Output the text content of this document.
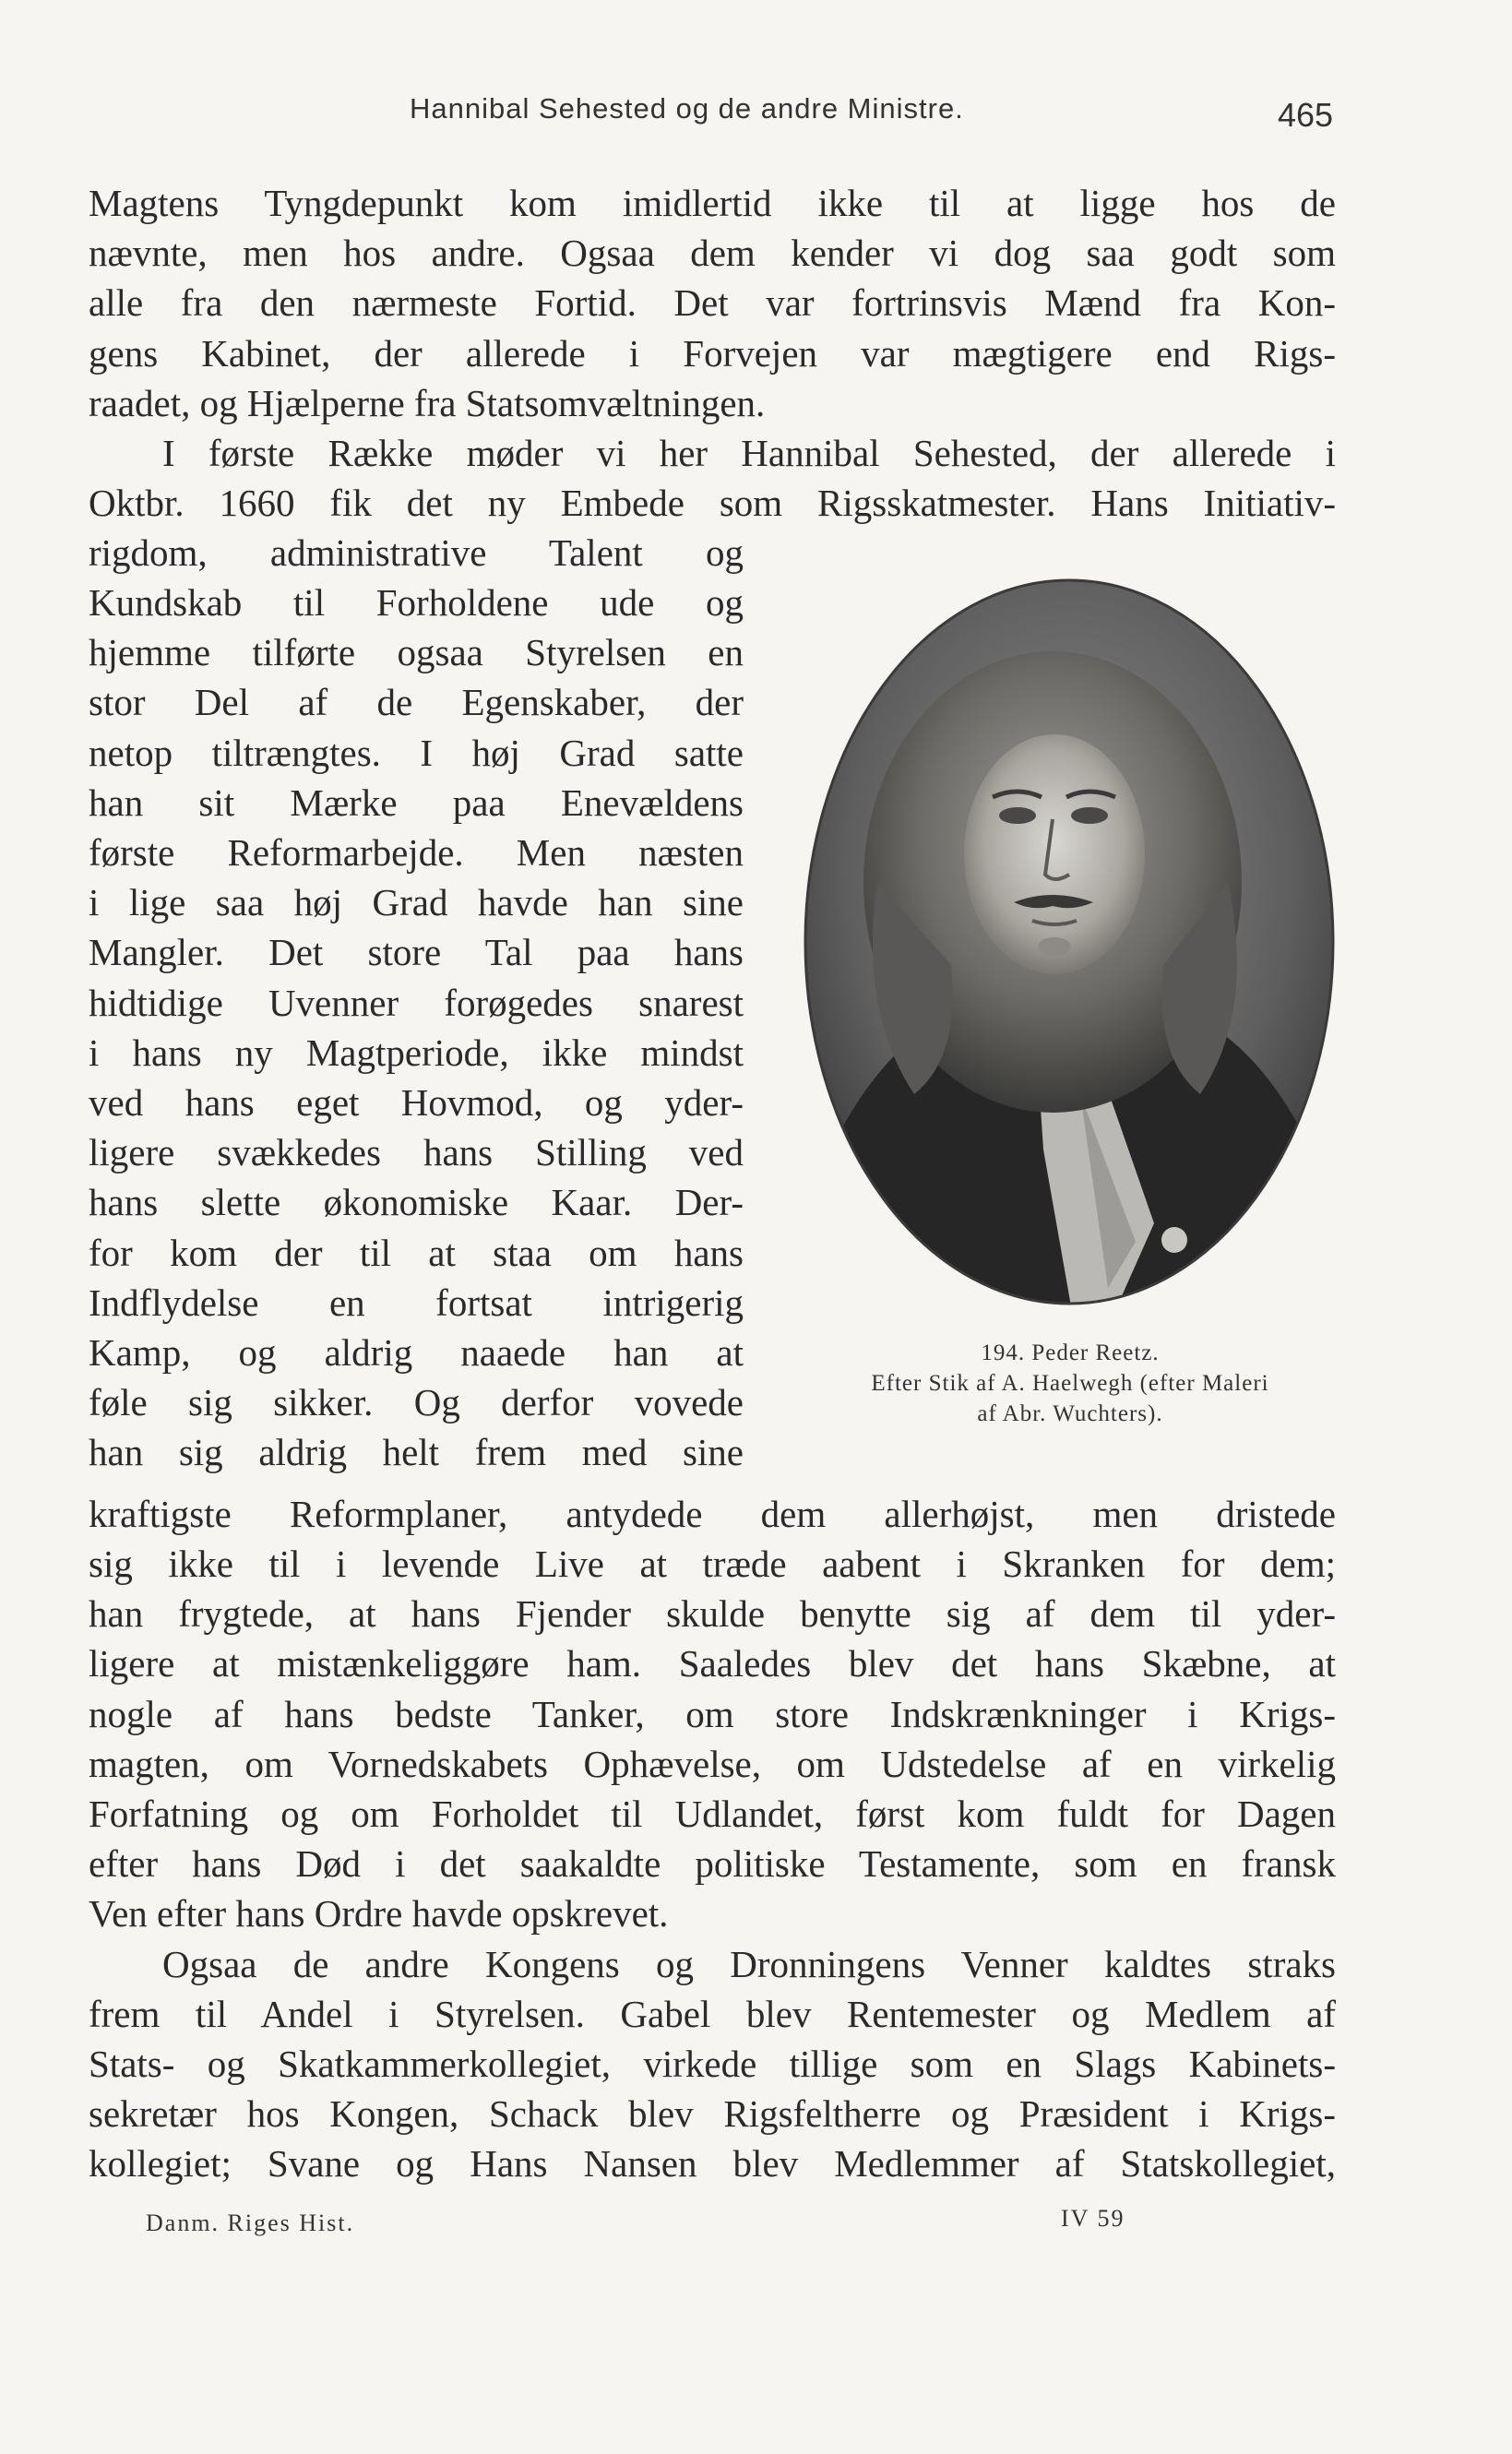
Hannibal Sehested og de andre Ministre.	465
Magtens Tyngdepunkt kom imidlertid ikke til at ligge hos de
nævnte, men hos andre. Ogsaa dem kender vi dog saa godt som
alle fra den nærmeste Fortid. Det var fortrinsvis Mænd fra Kon-
gens Kabinet, der allerede i Forvejen var mægtigere end Rigs-
raadet, og Hjælperne fra Statsomvæltningen.
I første Række møder vi her Hannibal Sehested, der allerede i
Oktbr. 1660 fik det ny Embede som Rigsskatmester. Hans Initiativ-
rigdom, administrative Talent og
Kundskab til Forholdene ude og
hjemme tilførte ogsaa Styrelsen en
stor Del af de Egenskaber, der
netop tiltrængtes. I høj Grad satte
han sit Mærke paa Enevældens
første Reformarbejde. Men næsten
i lige saa høj Grad havde han sine
Mangler. Det store Tal paa hans
hidtidige Uvenner forøgedes snarest
i hans ny Magtperiode, ikke mindst
ved hans eget Hovmod, og yder-
ligere svækkedes hans Stilling ved
hans slette økonomiske Kaar. Der-
for kom der til at staa om hans
Indflydelse en fortsat intrigerig
Kamp, og aldrig naaede han at
føle sig sikker. Og derfor vovede
han sig aldrig helt frem med sine
194. Peder Reetz.
Efter Stik af A. Haelwegh (efter Maleri
af Abr. Wuchters).
kraftigste Reformplaner, antydede dem allerhøjst, men dristede
sig ikke til i levende Live at træde aabent i Skranken for dem;
han frygtede, at hans Fjender skulde benytte sig af dem til yder-
ligere at mistænkeliggøre ham. Saaledes blev det hans Skæbne, at
nogle af hans bedste Tanker, om store Indskrænkninger i Krigs-
magten, om Vornedskabets Ophævelse, om Udstedelse af en virkelig
Forfatning og om Forholdet til Udlandet, først kom fuldt for Dagen
efter hans Død i det saakaldte politiske Testamente, som en fransk
Ven efter hans Ordre havde opskrevet.
Ogsaa de andre Kongens og Dronningens Venner kaldtes straks
frem til Andel i Styrelsen. Gabel blev Rentemester og Medlem af
Stats- og Skatkammerkollegiet, virkede tillige som en Slags Kabinets-
sekretær hos Kongen, Schack blev Rigsfeltherre og Præsident i Krigs-
kollegiet; Svane og Hans Nansen blev Medlemmer af Statskollegiet,
Danm. Riges Hist.	IV 59
